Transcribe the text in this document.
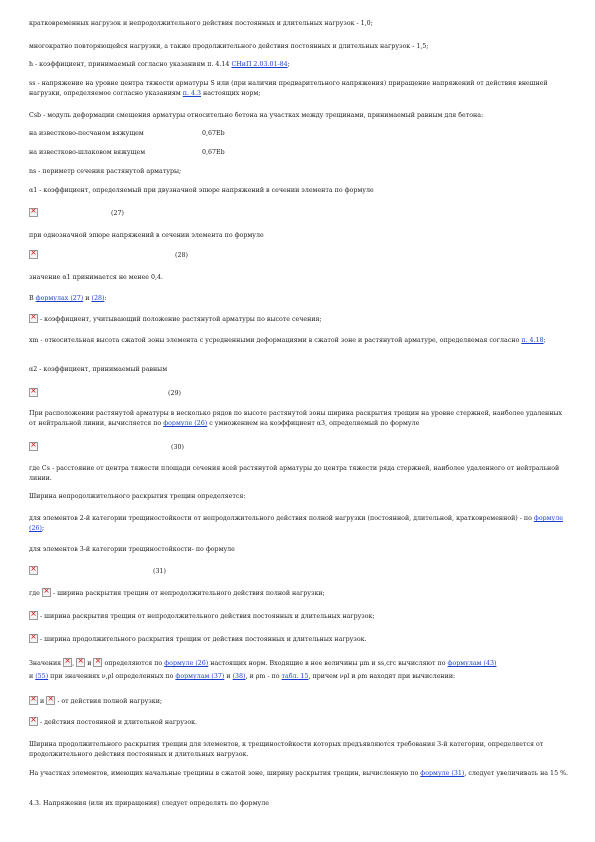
кратковременных нагрузок и непродолжительного действия постоянных и длительных нагрузок - 1,0;
многократно повторяющейся нагрузки, а также продолжительного действия постоянных и длительных нагрузок - 1,5;
h - коэффициент, принимаемый согласно указаниям п. 4.14 СНиП 2.03.01-84;
ss - напряжение на уровне центра тяжести арматуры S или (при наличии предварительного напряжения) приращение напряжений от действия внешней нагрузки, определяемое согласно указаниям п. 4.3 настоящих норм;
Csb - модуль деформации смещения арматуры относительно бетона на участках между трещинами, принимаемый равным для бетона:
на известково-песчаном вяжущем	0,67Eb
на известково-шлаковом вяжущем	0,67Eb
ns - периметр сечения растянутой арматуры;
α1 - коэффициент, определяемый при двузначной эпюре напряжений в сечении элемента по формуле
×
(27)
при однозначной эпюре напряжений в сечении элемента по формуле
×
(28)
значение α1 принимается не менее 0,4.
В формулах (27) и (28):
× - коэффициент, учитывающий положение растянутой арматуры по высоте сечения;
xm - относительная высота сжатой зоны элемента с усредненными деформациями в сжатой зоне и растянутой арматуре, определяемая согласно п. 4.18;
α2 - коэффициент, принимаемый равным
×
(29)
При расположении растянутой арматуры в несколько рядов по высоте растянутой зоны ширина раскрытия трещин на уровне стержней, наиболее удаленных от нейтральной линии, вычисляется по формуле (26) с умножением на коэффициент α3, определяемый по формуле
×
(30)
где Cs - расстояние от центра тяжести площади сечения всей растянутой арматуры до центра тяжести ряда стержней, наиболее удаленного от нейтральной линии.
Ширина непродолжительного раскрытия трещин определяется:
для элементов 2-й категории трещиностойкости от непродолжительного действия полной нагрузки (постоянной, длительной, кратковременной) - по формуле (26);
для элементов 3-й категории трещиностойкости- по формуле
×
(31)
где × - ширина раскрытия трещин от непродолжительного действия полной нагрузки;
× - ширина раскрытия трещин от непродолжительного действия постоянных и длительных нагрузок;
× - ширина продолжительного раскрытия трещин от действия постоянных и длительных нагрузок.
Значения × , × и × определяются по формуле (26) настоящих норм. Входящие в нее величины μm и ss,crc вычисляют по формулам (43)
и (55) при значениях ν,ρl определенных по формулам (37) и (38), и ρm - по табл. 15, причем νρl и ρm находят при вычислении:
× и × - от действия полной нагрузки;
× - действия постоянной и длительной нагрузок.
Ширина продолжительного раскрытия трещин для элементов, к трещиностойкости которых предъявляются требования 3-й категории, определяется от продолжительного действия постоянных и длительных нагрузок.
На участках элементов, имеющих начальные трещины в сжатой зоне, ширину раскрытия трещин, вычисленную по формуле (31), следует увеличивать на 15 %.
4.3. Напряжения (или их приращения) следует определять по формуле
